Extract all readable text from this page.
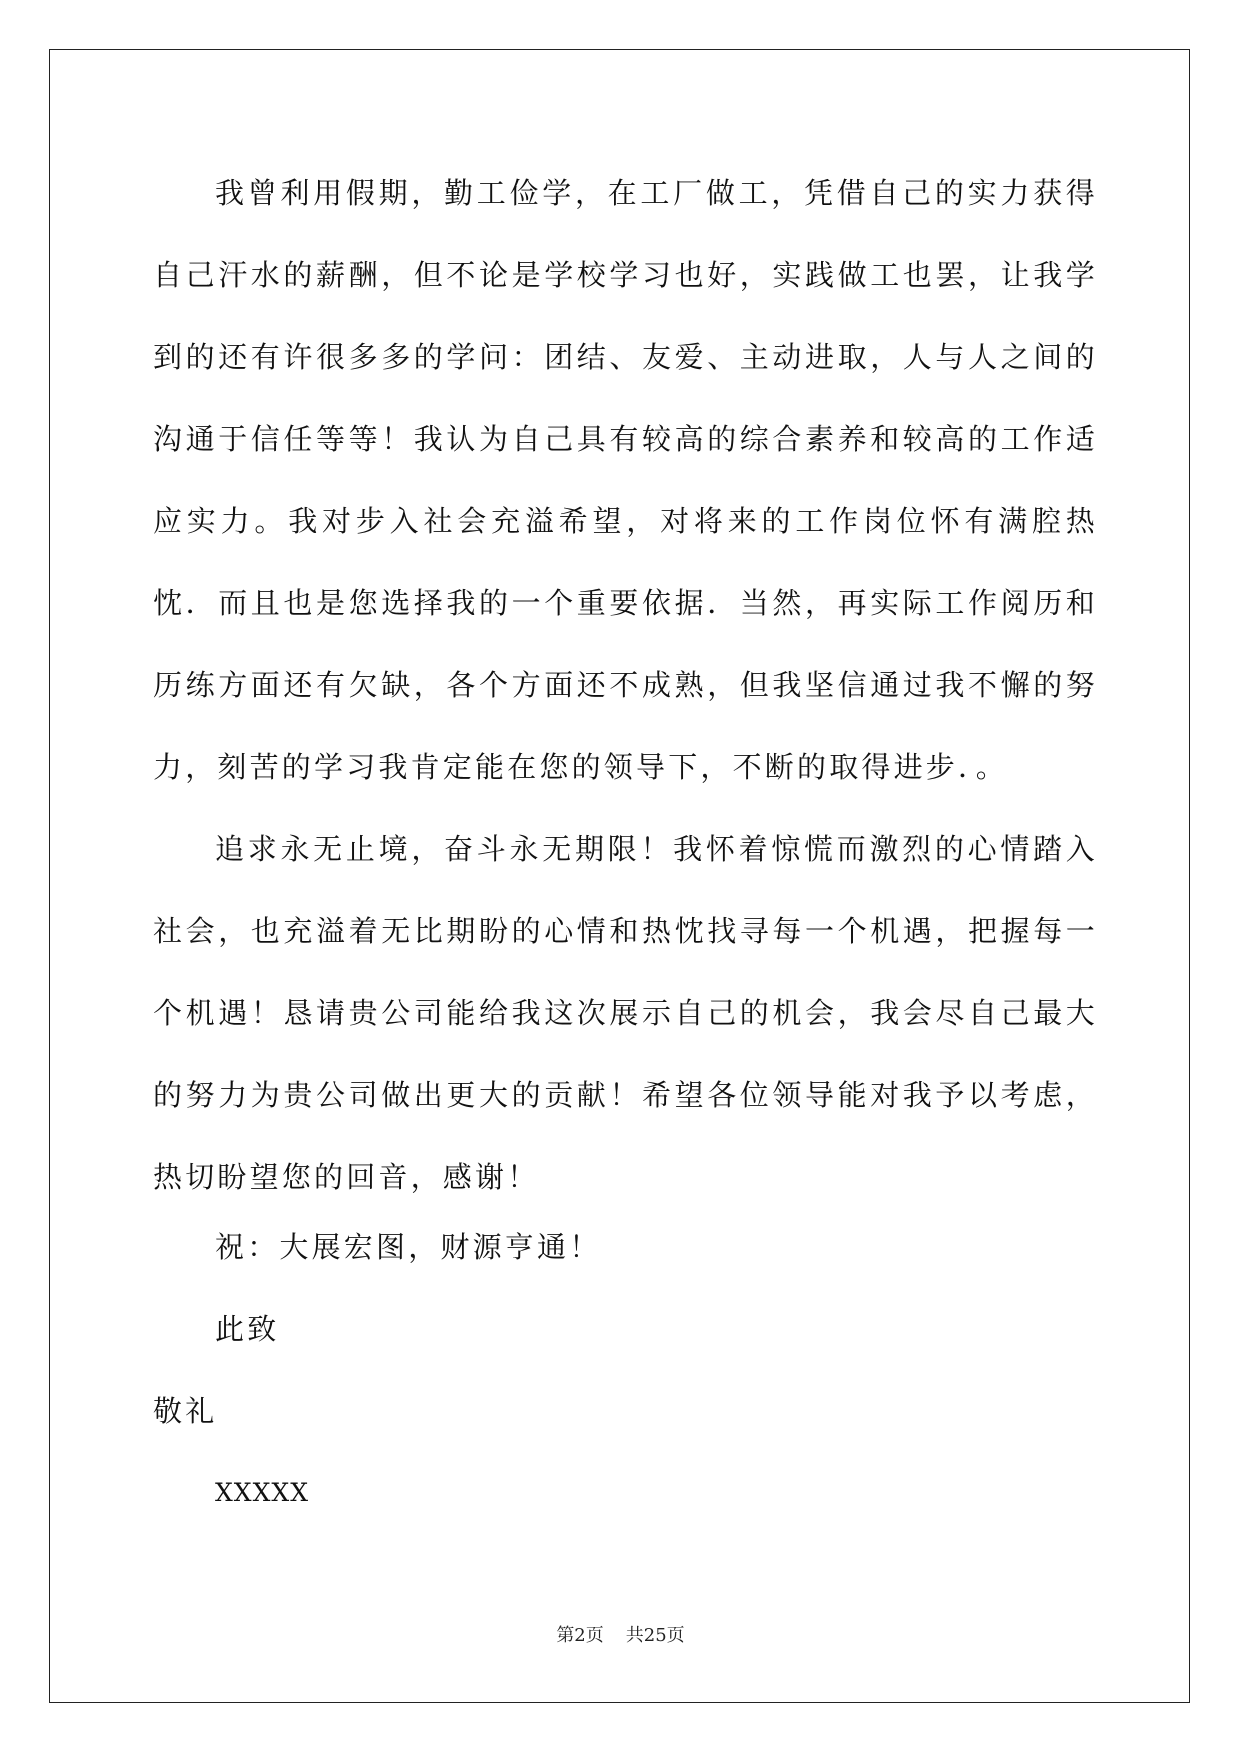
我曾利用假期，勤工俭学，在工厂做工，凭借自己的实力获得自己汗水的薪酬，但不论是学校学习也好，实践做工也罢，让我学到的还有许很多多的学问：团结、友爱、主动进取，人与人之间的沟通于信任等等！我认为自己具有较高的综合素养和较高的工作适应实力。我对步入社会充溢希望，对将来的工作岗位怀有满腔热忱．而且也是您选择我的一个重要依据．当然，再实际工作阅历和历练方面还有欠缺，各个方面还不成熟，但我坚信通过我不懈的努力，刻苦的学习我肯定能在您的领导下，不断的取得进步．。

追求永无止境，奋斗永无期限！我怀着惊慌而激烈的心情踏入社会，也充溢着无比期盼的心情和热忱找寻每一个机遇，把握每一个机遇！恳请贵公司能给我这次展示自己的机会，我会尽自己最大的努力为贵公司做出更大的贡献！希望各位领导能对我予以考虑，热切盼望您的回音，感谢！

祝：大展宏图，财源亨通！

此致

敬礼

XXXXX

第2页 共25页
